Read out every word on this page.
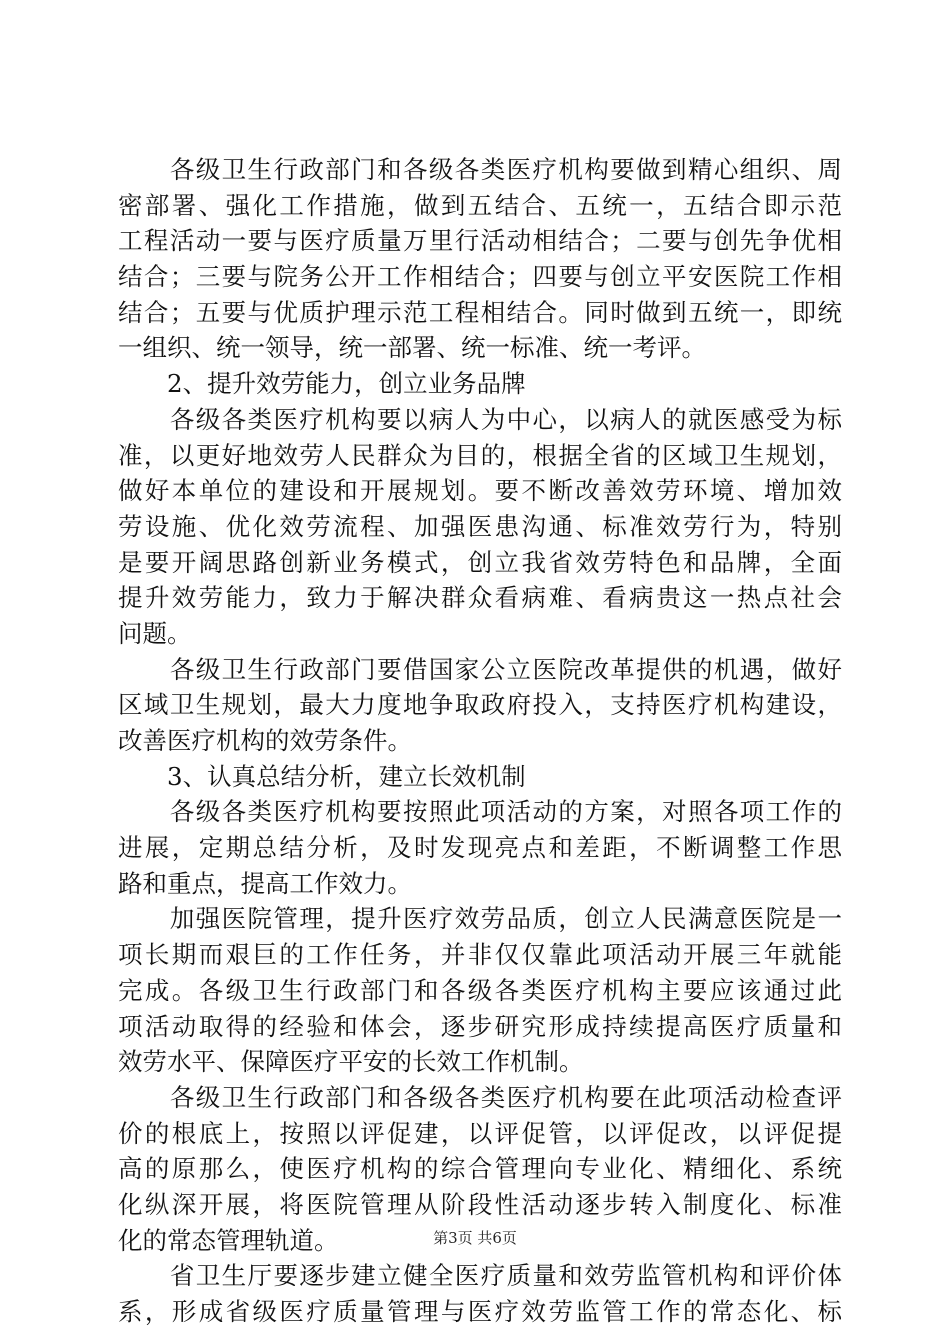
　　各级卫生行政部门和各级各类医疗机构要做到精心组织、周
密部署、强化工作措施，做到五结合、五统一，五结合即示范
工程活动一要与医疗质量万里行活动相结合；二要与创先争优相
结合；三要与院务公开工作相结合；四要与创立平安医院工作相
结合；五要与优质护理示范工程相结合。同时做到五统一，即统
一组织、统一领导，统一部署、统一标准、统一考评。
　　2、提升效劳能力，创立业务品牌
　　各级各类医疗机构要以病人为中心，以病人的就医感受为标
准，以更好地效劳人民群众为目的，根据全省的区域卫生规划，
做好本单位的建设和开展规划。要不断改善效劳环境、增加效
劳设施、优化效劳流程、加强医患沟通、标准效劳行为，特别
是要开阔思路创新业务模式，创立我省效劳特色和品牌，全面
提升效劳能力，致力于解决群众看病难、看病贵这一热点社会
问题。
　　各级卫生行政部门要借国家公立医院改革提供的机遇，做好
区域卫生规划，最大力度地争取政府投入，支持医疗机构建设，
改善医疗机构的效劳条件。
　　3、认真总结分析，建立长效机制
　　各级各类医疗机构要按照此项活动的方案，对照各项工作的
进展，定期总结分析，及时发现亮点和差距，不断调整工作思
路和重点，提高工作效力。
　　加强医院管理，提升医疗效劳品质，创立人民满意医院是一
项长期而艰巨的工作任务，并非仅仅靠此项活动开展三年就能
完成。各级卫生行政部门和各级各类医疗机构主要应该通过此
项活动取得的经验和体会，逐步研究形成持续提高医疗质量和
效劳水平、保障医疗平安的长效工作机制。
　　各级卫生行政部门和各级各类医疗机构要在此项活动检查评
价的根底上，按照以评促建，以评促管，以评促改，以评促提
高的原那么，使医疗机构的综合管理向专业化、精细化、系统
化纵深开展，将医院管理从阶段性活动逐步转入制度化、标准
化的常态管理轨道。
　　省卫生厅要逐步建立健全医疗质量和效劳监管机构和评价体
系，形成省级医疗质量管理与医疗效劳监管工作的常态化、标
第3页 共6页
